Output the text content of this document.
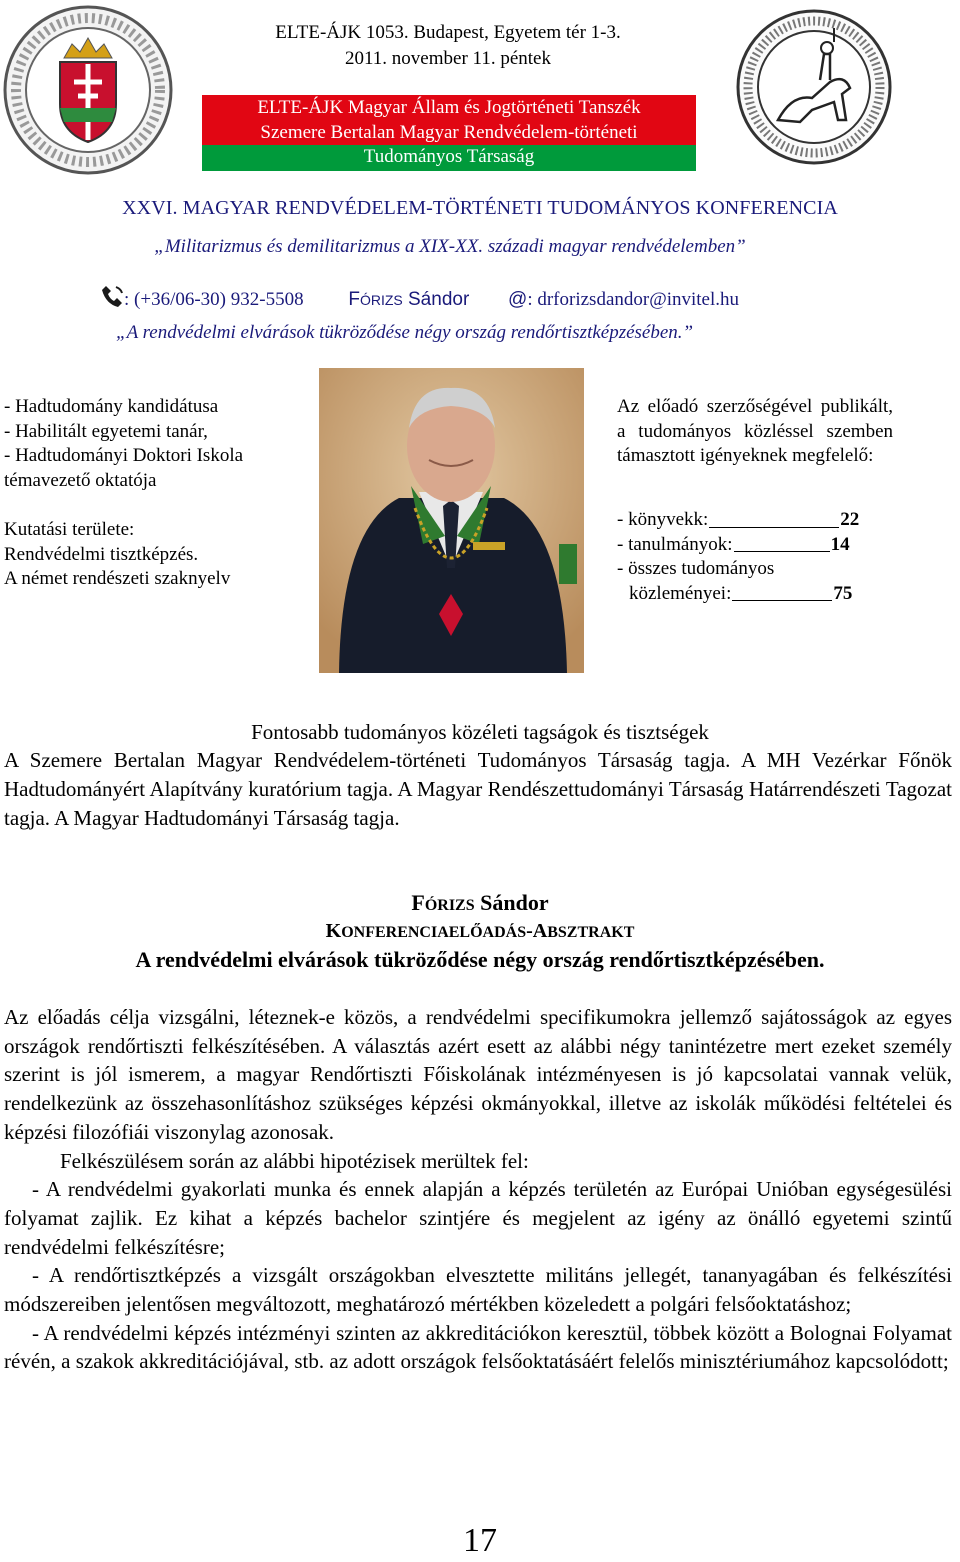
ELTE-ÁJK 1053. Budapest, Egyetem tér 1-3.
2011. november 11. péntek
ELTE-ÁJK Magyar Állam és Jogtörténeti Tanszék
Szemere Bertalan Magyar Rendvédelem-történeti
Tudományos Társaság
XXVI. MAGYAR RENDVÉDELEM-TÖRTÉNETI TUDOMÁNYOS KONFERENCIA
„Militarizmus és demilitarizmus a XIX-XX. századi magyar rendvédelemben”
: (+36/06-30) 932-5508 FÓRIZS Sándor @: drforizsdandor@invitel.hu
„A rendvédelmi elvárások tükröződése négy ország rendőrtisztképzésében.”
- Hadtudomány kandidátusa
- Habilitált egyetemi tanár,
- Hadtudományi Doktori Iskola
témavezető oktatója
Kutatási területe:
Rendvédelmi tisztképzés.
A német rendészeti szaknyelv
Az előadó szerzőségével publikált, a tudományos közléssel szemben támasztott igényeknek megfelelő:
- könyvekk:	22
- tanulmányok:	14
- összes tudományos
közleményei:	75
Fontosabb tudományos közéleti tagságok és tisztségek
A Szemere Bertalan Magyar Rendvédelem-történeti Tudományos Társaság tagja. A MH Vezérkar Főnök Hadtudományért Alapítvány kuratórium tagja. A Magyar Rendészettudományi Társaság Határrendészeti Tagozat tagja. A Magyar Hadtudományi Társaság tagja.
FÓRIZS Sándor
KONFERENCIAELŐADÁS-ABSZTRAKT
A rendvédelmi elvárások tükröződése négy ország rendőrtisztképzésében.

Az előadás célja vizsgálni, léteznek-e közös, a rendvédelmi specifikumokra jellemző sajátosságok az egyes országok rendőrtiszti felkészítésében. A választás azért esett az alábbi négy tanintézetre mert ezeket személy szerint is jól ismerem, a magyar Rendőrtiszti Főiskolának intézményesen is jó kapcsolatai vannak velük, rendelkezünk az összehasonlításhoz szükséges képzési okmányokkal, illetve az iskolák működési feltételei és képzési filozófiái viszonylag azonosak.

Felkészülésem során az alábbi hipotézisek merültek fel:

- A rendvédelmi gyakorlati munka és ennek alapján a képzés területén az Európai Unióban egységesülési folyamat zajlik. Ez kihat a képzés bachelor szintjére és megjelent az igény az önálló egyetemi szintű rendvédelmi felkészítésre;

- A rendőrtisztképzés a vizsgált országokban elvesztette militáns jellegét, tananyagában és felkészítési módszereiben jelentősen megváltozott, meghatározó mértékben közeledett a polgári felsőoktatáshoz;

- A rendvédelmi képzés intézményi szinten az akkreditációkon keresztül, többek között a Bolognai Folyamat révén, a szakok akkreditációjával, stb. az adott országok felsőoktatásáért felelős minisztériumához kapcsolódott;

17
